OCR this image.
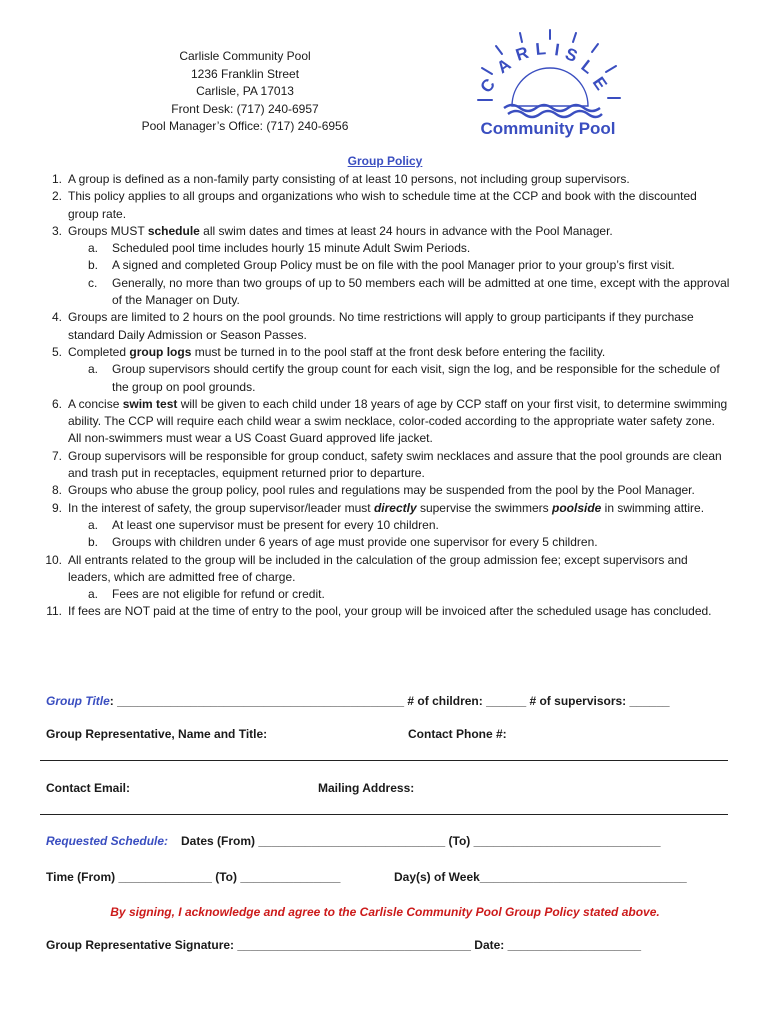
Carlisle Community Pool
1236 Franklin Street
Carlisle, PA 17013
Front Desk: (717) 240-6957
Pool Manager’s Office: (717) 240-6956
C
A
R L I S
L
E
Community Pool
Group Policy
1. A group is defined as a non-family party consisting of at least 10 persons, not including group supervisors.
2. This policy applies to all groups and organizations who wish to schedule time at the CCP and book with the discounted group rate.
3. Groups MUST schedule all swim dates and times at least 24 hours in advance with the Pool Manager.
a.	Scheduled pool time includes hourly 15 minute Adult Swim Periods.
b.	A signed and completed Group Policy must be on file with the pool Manager prior to your group’s first visit.
c.	Generally, no more than two groups of up to 50 members each will be admitted at one time, except with the approval of the Manager on Duty.
4. Groups are limited to 2 hours on the pool grounds. No time restrictions will apply to group participants if they purchase standard Daily Admission or Season Passes.
5. Completed group logs must be turned in to the pool staff at the front desk before entering the facility.
a.	Group supervisors should certify the group count for each visit, sign the log, and be responsible for the schedule of the group on pool grounds.
6. A concise swim test will be given to each child under 18 years of age by CCP staff on your first visit, to determine swimming ability. The CCP will require each child wear a swim necklace, color-coded according to the appropriate water safety zone. All non-swimmers must wear a US Coast Guard approved life jacket.
7. Group supervisors will be responsible for group conduct, safety swim necklaces and assure that the pool grounds are clean and trash put in receptacles, equipment returned prior to departure.
8. Groups who abuse the group policy, pool rules and regulations may be suspended from the pool by the Pool Manager.
9. In the interest of safety, the group supervisor/leader must directly supervise the swimmers poolside in swimming attire.
a.	At least one supervisor must be present for every 10 children.
b.	Groups with children under 6 years of age must provide one supervisor for every 5 children.
10. All entrants related to the group will be included in the calculation of the group admission fee; except supervisors and leaders, which are admitted free of charge.
a.	Fees are not eligible for refund or credit.
11. If fees are NOT paid at the time of entry to the pool, your group will be invoiced after the scheduled usage has concluded.
Group Title: ___________________________________________ # of children: ______ # of supervisors: ______
Group Representative, Name and Title:	Contact Phone #:
Contact Email:	Mailing Address:
Requested Schedule: Dates (From) ____________________________ (To) ____________________________
Time (From) ______________ (To) _______________	Day(s) of Week_______________________________
By signing, I acknowledge and agree to the Carlisle Community Pool Group Policy stated above.
Group Representative Signature: ___________________________________ Date: ____________________
